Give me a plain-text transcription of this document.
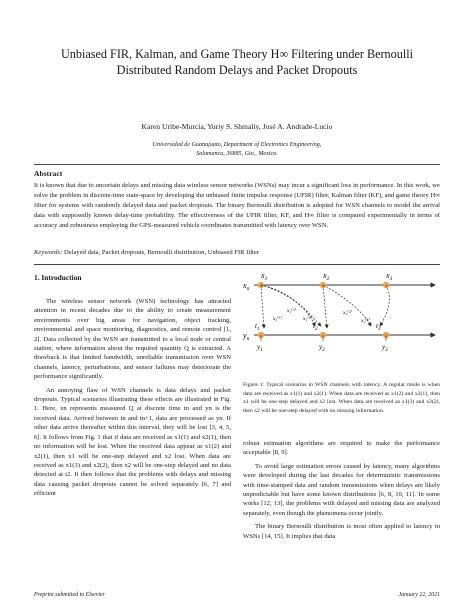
Unbiased FIR, Kalman, and Game Theory H∞ Filtering under Bernoulli
Distributed Random Delays and Packet Dropouts
Karen Uribe-Murcia, Yuriy S. Shmaliy, José A. Andrade-Lucio
Universidad de Guanajuato, Department of Electronics Engineering,
Salamanca, 36885, Gto., Mexico.
Abstract
It is known that due to uncertain delays and missing data wireless sensor networks (WSNs) may incur a significant loss in performance. In this work, we solve the problem in discrete-time state-space by developing the unbiased finite impulse response (UFIR) filter, Kalman filter (KF), and game theory H∞ filter for systems with randomly delayed data and packet dropouts. The binary Bernoulli distribution is adopted for WSN channels to model the arrival data with supposedly known delay-time probability. The effectiveness of the UFIR filter, KF, and H∞ filter is compared experimentally in terms of accuracy and robustness employing the GPS-measured vehicle coordinates transmitted with latency over WSN.
Keywords: Delayed data, Packet dropouts, Bernoulli distribution, Unbiased FIR filter
1. Introduction

The wireless sensor network (WSN) technology has attracted attention in recent decades due to the ability to create measurement environments over big areas for navigation, object tracking, environmental and space monitoring, diagnostics, and remote control [1, 2]. Data collected by the WSN are transmitted to a local node or central station, where information about the required quantity Q is extracted. A drawback is that limited bandwidth, unreliable transmission over WSN channels, latency, perturbations, and sensor failures may deteriorate the performance significantly.

An annoying flaw of WSN channels is data delays and packet dropouts. Typical scenarios illustrating these effects are illustrated in Fig. 1. Here, xn represents measured Q at discrete time tn and yn is the received data. Arrived between tn and tn+1, data are processed as yn. If other data arrive thereafter within this interval, they will be lost [3, 4, 5, 6]. It follows from Fig. 1 that if data are received as x1(1) and x2(1), then no information will be lost. When the received data appear as x1(2) and x2(1), then x1 will be one-step delayed and x2 lost. When data are received as x1(3) and x2(2), then x2 will be one-step delayed and no data detected at t2. It then follows that the problems with delays and missing data causing packet dropouts cannot be solved separately [6, 7] and efficient

$x_1$	$x_2$	$x_3$
$x_n$
x₁⁽²⁾
x₁⁽¹⁾	x₁⁽³⁾
x₂⁽²⁾
x₂⁽¹⁾
$t_1$	$t_2$	$t_3$
$y_n$
$y_1$	$y_2$	$y_3$
Figure 1: Typical scenarios in WSN channels with latency. A regular mode is when data are received as x1(1) and x2(1). When data are received as x1(2) and x2(1), then x1 will be one-step delayed and x2 lost. When data are received as x1(3) and x2(2), then x2 will be one-step delayed with no missing information.

robust estimation algorithms are required to make the performance acceptable [8, 9].

To avoid large estimation errors caused by latency, many algorithms were developed during the last decades for deterministic transmissions with time-stamped data and random transmissions when delays are likely unpredictable but have some known distributions [6, 8, 10, 11]. In some works [12, 13], the problems with delayed and missing data are analyzed separately, even though the phenomena occur jointly.

The binary Bernoulli distribution is most often applied to latency in WSNs [14, 15]. It implies that data

Preprint submitted to Elsevier	January 22, 2021
